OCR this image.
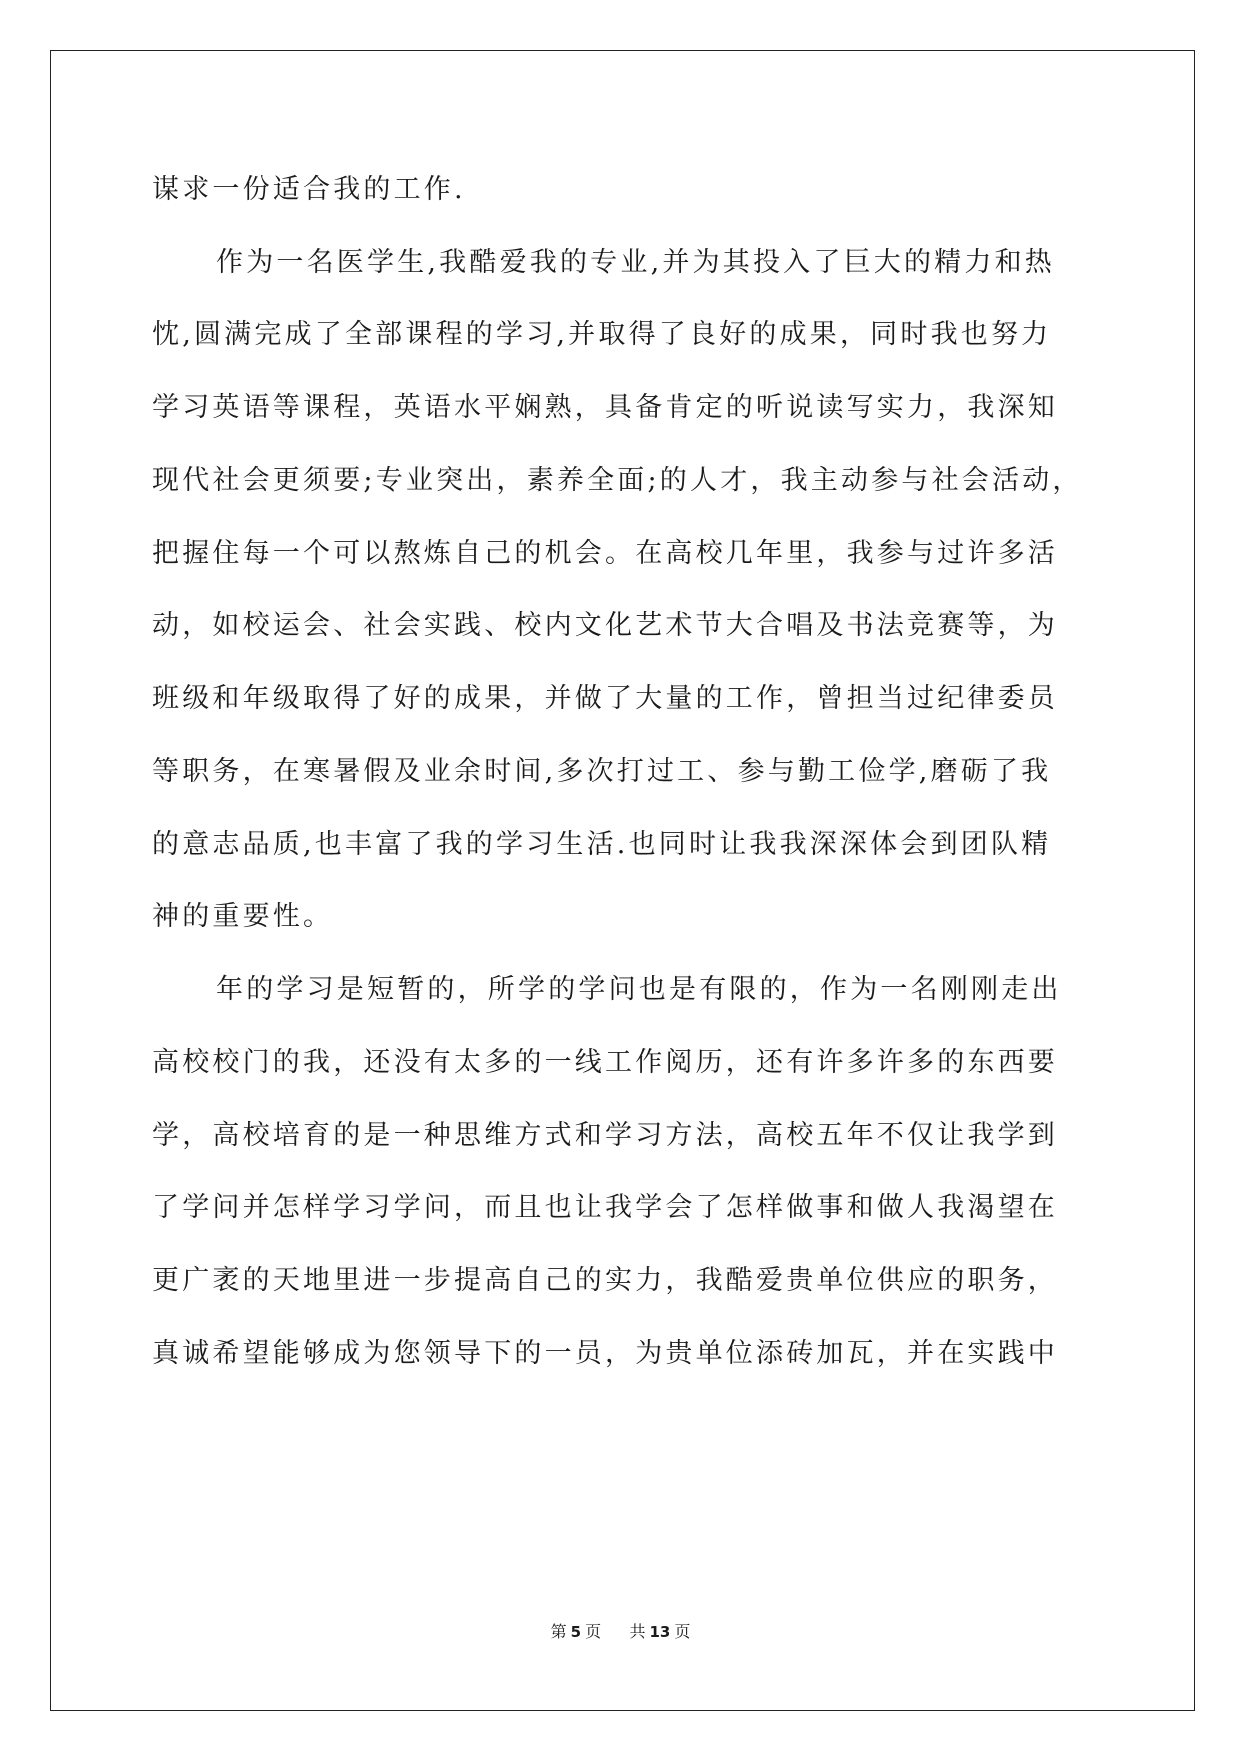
谋求一份适合我的工作.
作为一名医学生,我酷爱我的专业,并为其投入了巨大的精力和热
忱,圆满完成了全部课程的学习,并取得了良好的成果，同时我也努力
学习英语等课程，英语水平娴熟，具备肯定的听说读写实力，我深知
现代社会更须要;专业突出，素养全面;的人才，我主动参与社会活动，
把握住每一个可以熬炼自己的机会。在高校几年里，我参与过许多活
动，如校运会、社会实践、校内文化艺术节大合唱及书法竞赛等，为
班级和年级取得了好的成果，并做了大量的工作，曾担当过纪律委员
等职务，在寒暑假及业余时间,多次打过工、参与勤工俭学,磨砺了我
的意志品质,也丰富了我的学习生活.也同时让我我深深体会到团队精
神的重要性。
年的学习是短暂的，所学的学问也是有限的，作为一名刚刚走出
高校校门的我，还没有太多的一线工作阅历，还有许多许多的东西要
学，高校培育的是一种思维方式和学习方法，高校五年不仅让我学到
了学问并怎样学习学问，而且也让我学会了怎样做事和做人我渴望在
更广袤的天地里进一步提高自己的实力，我酷爱贵单位供应的职务，
真诚希望能够成为您领导下的一员，为贵单位添砖加瓦，并在实践中
第 5 页 共 13 页
